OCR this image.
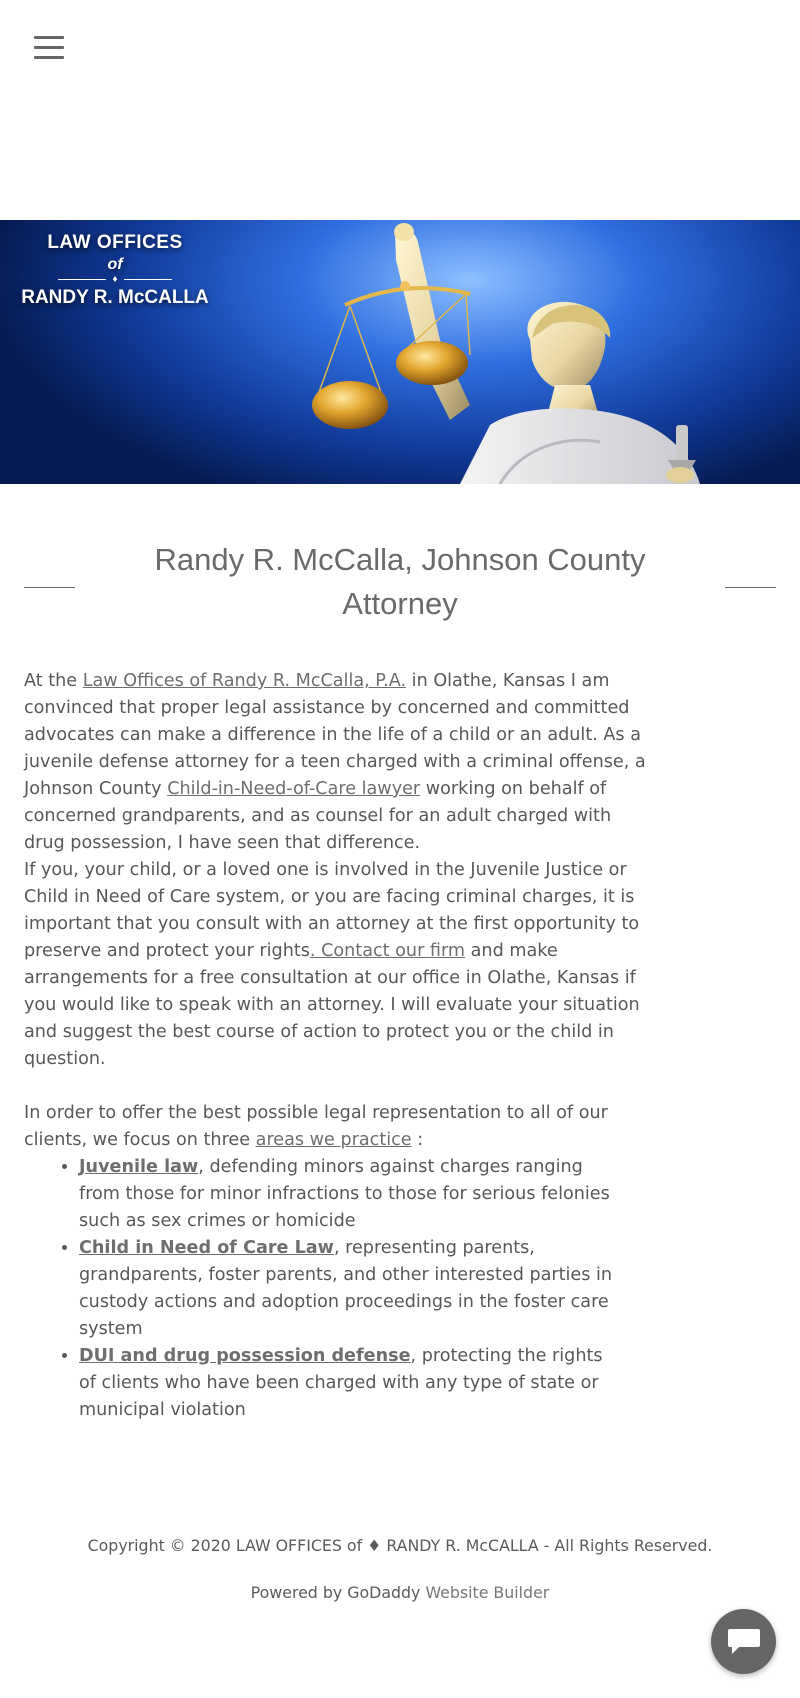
LAW OFFICES
of
♦
RANDY R. McCALLA
Randy R. McCalla, Johnson County Attorney

At the Law Offices of Randy R. McCalla, P.A. in Olathe, Kansas I am convinced that proper legal assistance by concerned and committed advocates can make a difference in the life of a child or an adult. As a juvenile defense attorney for a teen charged with a criminal offense, a Johnson County Child-in-Need-of-Care lawyer working on behalf of concerned grandparents, and as counsel for an adult charged with drug possession, I have seen that difference.

If you, your child, or a loved one is involved in the Juvenile Justice or Child in Need of Care system, or you are facing criminal charges, it is important that you consult with an attorney at the first opportunity to preserve and protect your rights. Contact our firm and make arrangements for a free consultation at our office in Olathe, Kansas if you would like to speak with an attorney. I will evaluate your situation and suggest the best course of action to protect you or the child in question.

In order to offer the best possible legal representation to all of our clients, we focus on three areas we practice :

• Juvenile law, defending minors against charges ranging from those for minor infractions to those for serious felonies such as sex crimes or homicide
• Child in Need of Care Law, representing parents, grandparents, foster parents, and other interested parties in custody actions and adoption proceedings in the foster care system
• DUI and drug possession defense, protecting the rights of clients who have been charged with any type of state or municipal violation
Copyright © 2020 LAW OFFICES of ♦ RANDY R. McCALLA - All Rights Reserved.
Powered by GoDaddy Website Builder
